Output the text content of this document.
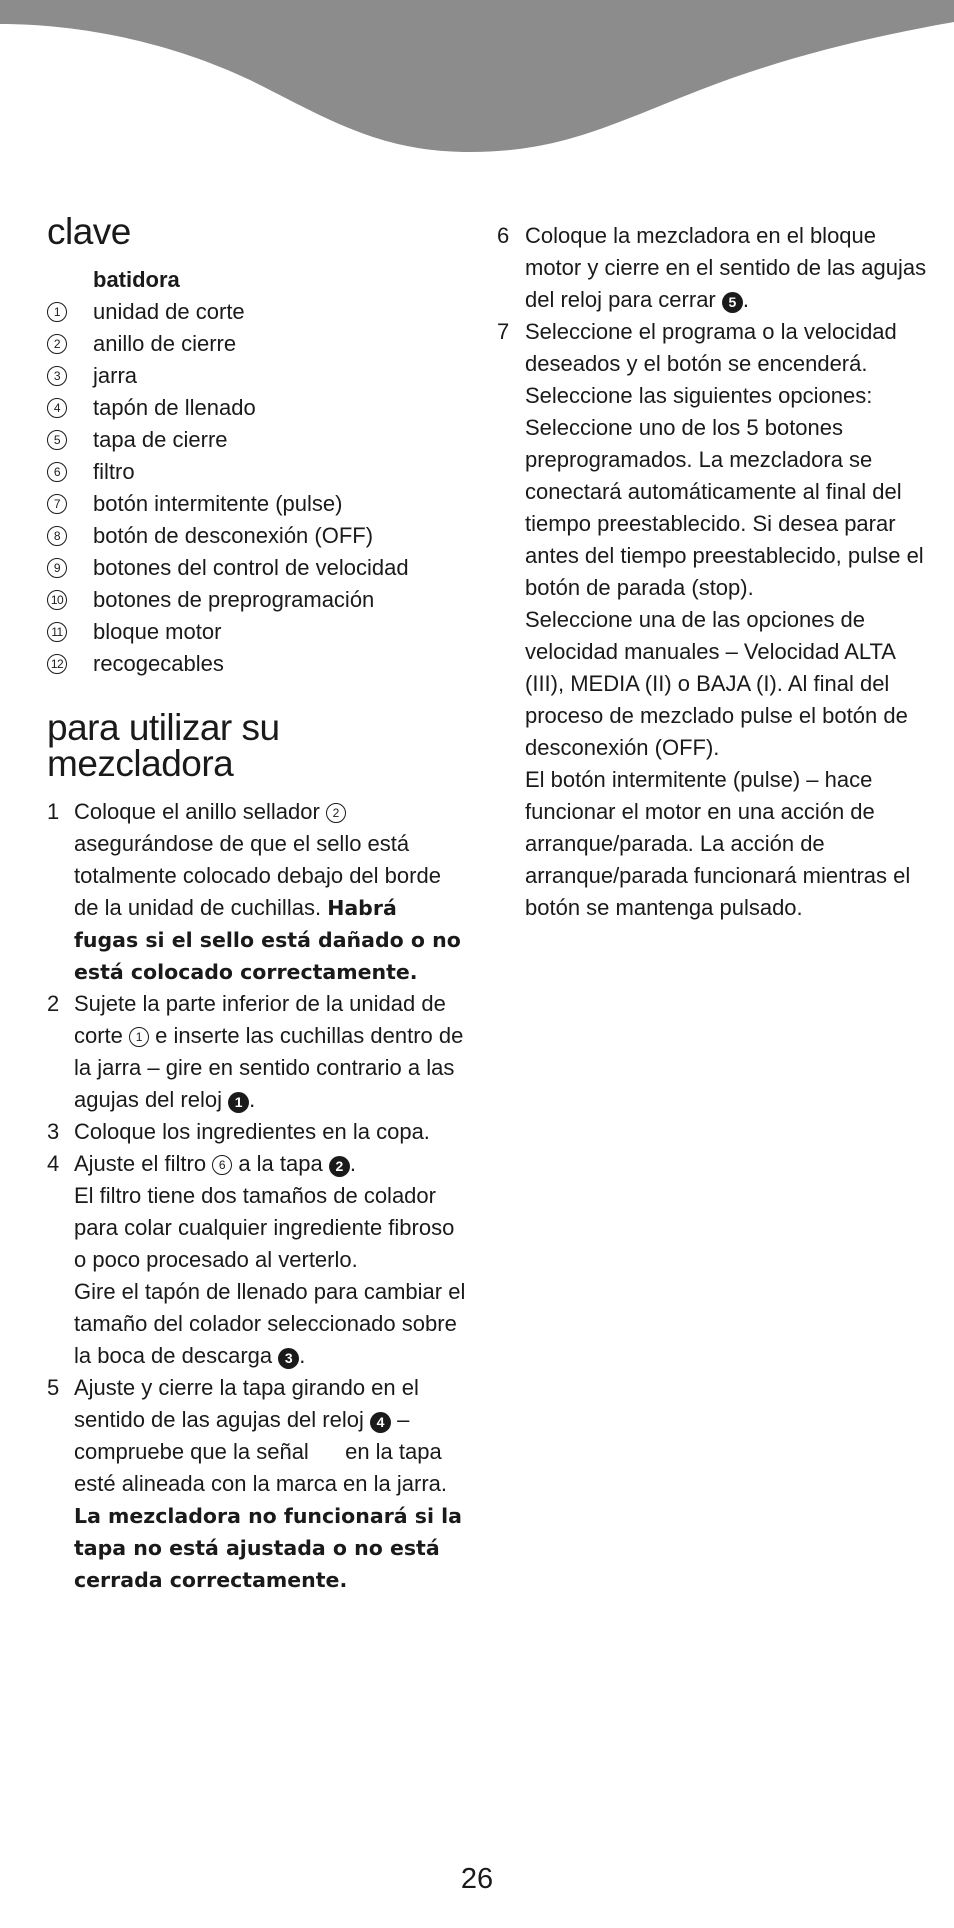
clave
batidora
1	unidad de corte
2	anillo de cierre
3	jarra
4	tapón de llenado
5	tapa de cierre
6	filtro
7	botón intermitente (pulse)
8	botón de desconexión (OFF)
9	botones del control de velocidad
10 botones de preprogramación
11 bloque motor
12 recogecables
para utilizar su
mezcladora
1 Coloque el anillo sellador 2 asegurándose de que el sello está totalmente colocado debajo del borde de la unidad de cuchillas. Habrá fugas si el sello está dañado o no está colocado correctamente.
2 Sujete la parte inferior de la unidad de corte 1 e inserte las cuchillas dentro de la jarra – gire en sentido contrario a las agujas del reloj 1 .
3 Coloque los ingredientes en la copa.
4 Ajuste el filtro 6 a la tapa 2 .

El filtro tiene dos tamaños de colador para colar cualquier ingrediente fibroso o poco procesado al verterlo.

Gire el tapón de llenado para cambiar el tamaño del colador seleccionado sobre la boca de descarga 3 .

5 Ajuste y cierre la tapa girando en el sentido de las agujas del reloj 4 – compruebe que la señal en la tapa esté alineada con la marca en la jarra. La mezcladora no funcionará si la tapa no está ajustada o no está cerrada correctamente.
6 Coloque la mezcladora en el bloque motor y cierre en el sentido de las agujas del reloj para cerrar 5 .
7 Seleccione el programa o la velocidad deseados y el botón se encenderá.

Seleccione las siguientes opciones: Seleccione uno de los 5 botones preprogramados. La mezcladora se conectará automáticamente al final del tiempo preestablecido. Si desea parar antes del tiempo preestablecido, pulse el botón de parada (stop).

Seleccione una de las opciones de velocidad manuales – Velocidad ALTA (III), MEDIA (II) o BAJA (I). Al final del proceso de mezclado pulse el botón de desconexión (OFF).

El botón intermitente (pulse) – hace funcionar el motor en una acción de arranque/parada. La acción de arranque/parada funcionará mientras el botón se mantenga pulsado.

26
